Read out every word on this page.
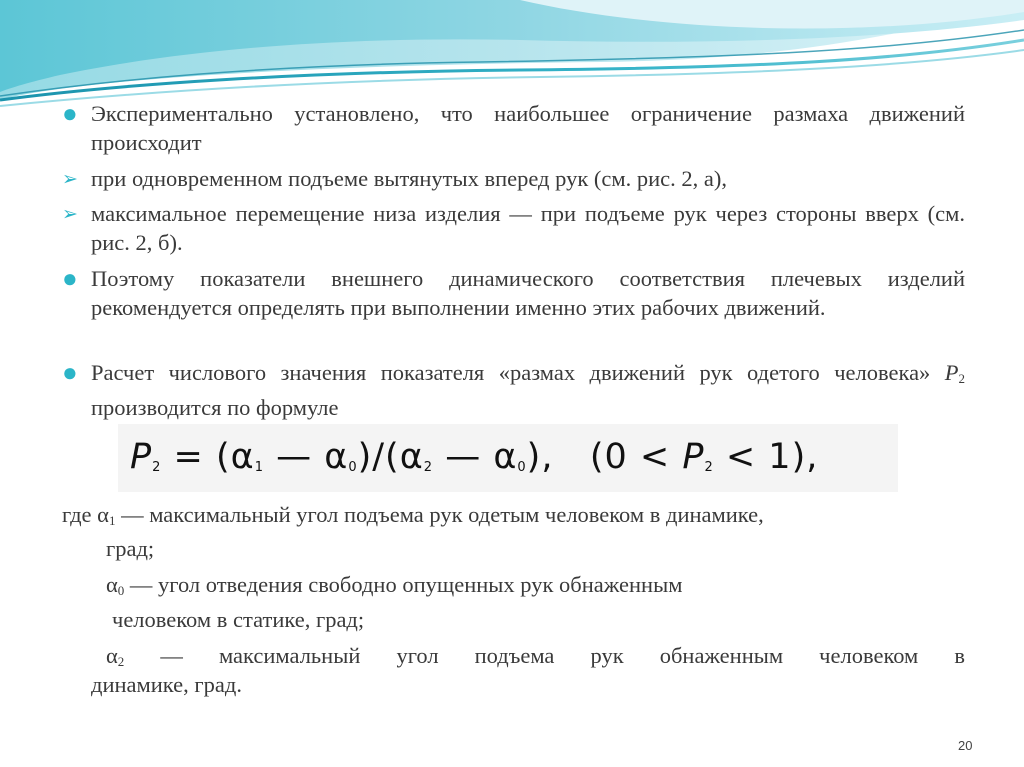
● Экспериментально установлено, что наибольшее ограничение размаха движений происходит
➢ при одновременном подъеме вытянутых вперед рук (см. рис. 2, а),
➢ максимальное перемещение низа изделия — при подъеме рук через стороны вверх (см. рис. 2, б).
● Поэтому показатели внешнего динамического соответствия плечевых изделий рекомендуется определять при выполнении именно этих рабочих движений.
● Расчет числового значения показателя «размах движений рук одетого человека» $P_2$ производится по формуле
$P_2 = (\alpha_1$ — $\alpha_0)/(\alpha_2$ — $\alpha_0$),   $(0 < P_2 < 1)$,
где $\alpha_1$ — максимальный угол подъема рук одетым человеком в динамике,
град;
$\alpha_0$ — угол отведения свободно опущенных рук обнаженным
человеком в статике, град;
$\alpha_2$ — максимальный угол подъема рук обнаженным человеком в
динамике, град.
20
